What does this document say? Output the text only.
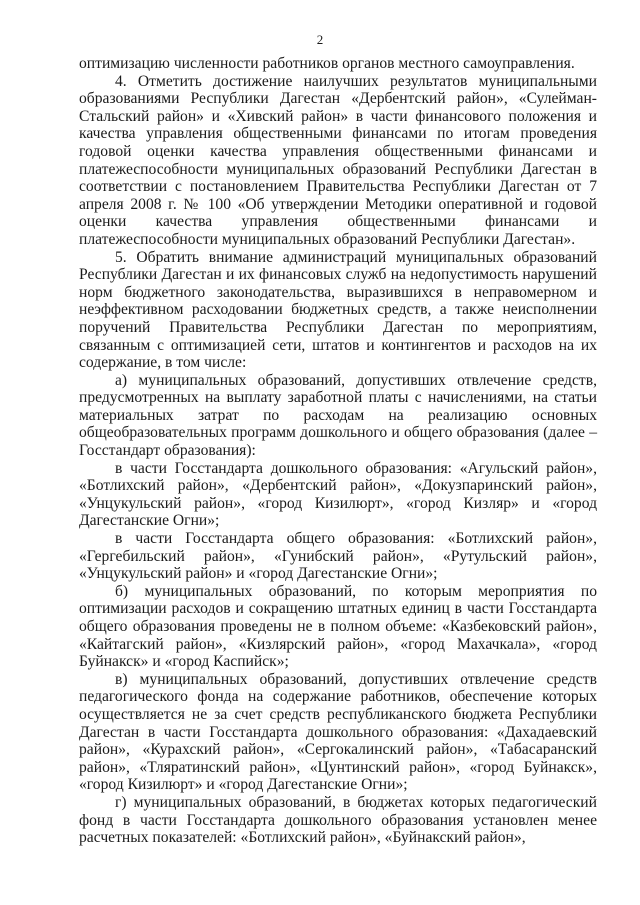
2

оптимизацию численности работников органов местного самоуправления.

4. Отметить достижение наилучших результатов муниципальными образованиями Республики Дагестан «Дербентский район», «Сулейман-Стальский район» и «Хивский район» в части финансового положения и качества управления общественными финансами по итогам проведения годовой оценки качества управления общественными финансами и платежеспособности муниципальных образований Республики Дагестан в соответствии с постановлением Правительства Республики Дагестан от 7 апреля 2008 г. № 100 «Об утверждении Методики оперативной и годовой оценки качества управления общественными финансами и платежеспособности муниципальных образований Республики Дагестан».

5. Обратить внимание администраций муниципальных образований Республики Дагестан и их финансовых служб на недопустимость нарушений норм бюджетного законодательства, выразившихся в неправомерном и неэффективном расходовании бюджетных средств, а также неисполнении поручений Правительства Республики Дагестан по мероприятиям, связанным с оптимизацией сети, штатов и контингентов и расходов на их содержание, в том числе:

а) муниципальных образований, допустивших отвлечение средств, предусмотренных на выплату заработной платы с начислениями, на статьи материальных затрат по расходам на реализацию основных общеобразовательных программ дошкольного и общего образования (далее – Госстандарт образования):

в части Госстандарта дошкольного образования: «Агульский район», «Ботлихский район», «Дербентский район», «Докузпаринский район», «Унцукульский район», «город Кизилюрт», «город Кизляр» и «город Дагестанские Огни»;

в части Госстандарта общего образования: «Ботлихский район», «Гергебильский район», «Гунибский район», «Рутульский район», «Унцукульский район» и «город Дагестанские Огни»;

б) муниципальных образований, по которым мероприятия по оптимизации расходов и сокращению штатных единиц в части Госстандарта общего образования проведены не в полном объеме: «Казбековский район», «Кайтагский район», «Кизлярский район», «город Махачкала», «город Буйнакск» и «город Каспийск»;

в) муниципальных образований, допустивших отвлечение средств педагогического фонда на содержание работников, обеспечение которых осуществляется не за счет средств республиканского бюджета Республики Дагестан в части Госстандарта дошкольного образования: «Дахадаевский район», «Курахский район», «Сергокалинский район», «Табасаранский район», «Тляратинский район», «Цунтинский район», «город Буйнакск», «город Кизилюрт» и «город Дагестанские Огни»;

г) муниципальных образований, в бюджетах которых педагогический фонд в части Госстандарта дошкольного образования установлен менее расчетных показателей: «Ботлихский район», «Буйнакский район»,
